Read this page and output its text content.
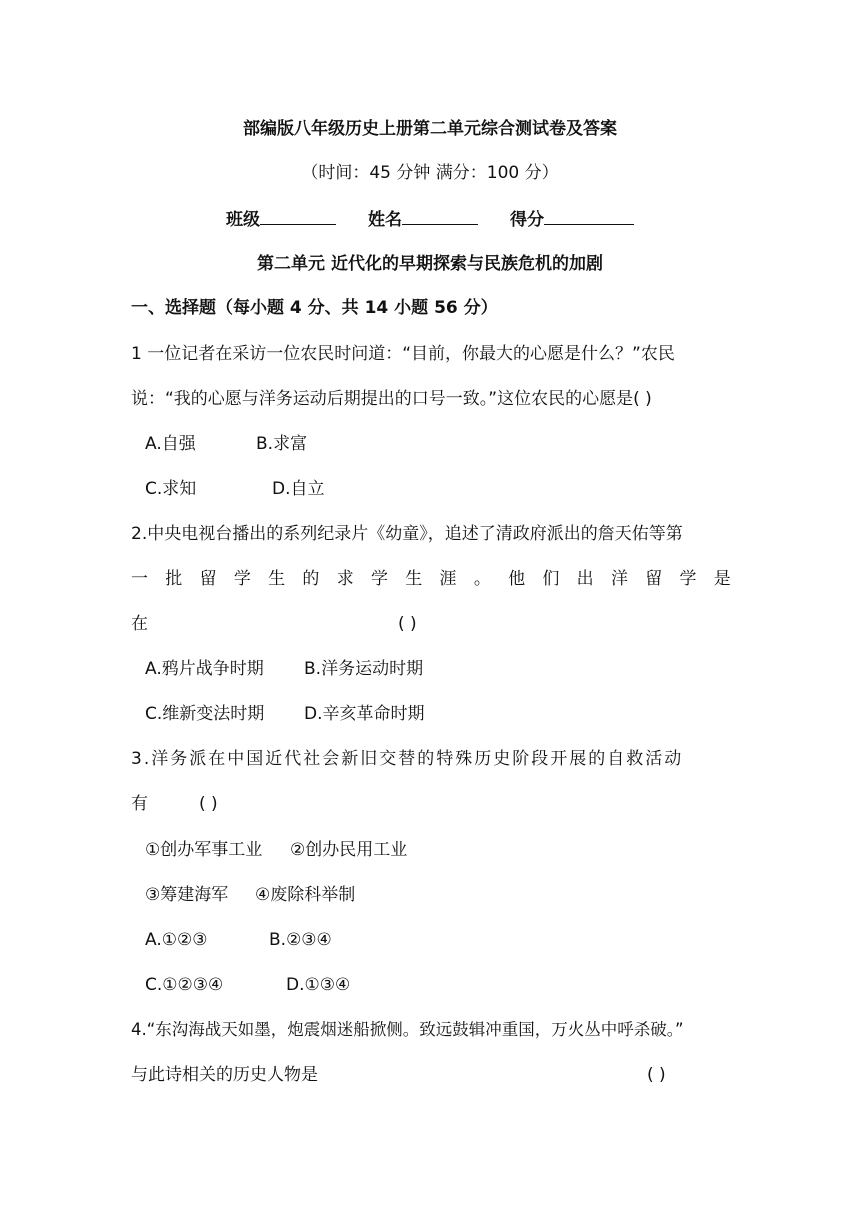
部编版八年级历史上册第二单元综合测试卷及答案
（时间：45 分钟 满分：100 分）
班级	姓名	得分
第二单元 近代化的早期探索与民族危机的加剧
一、选择题（每小题 4 分、共 14 小题 56 分）
1 一位记者在采访一位农民时问道：“目前，你最大的心愿是什么？”农民
说：“我的心愿与洋务运动后期提出的口号一致。”这位农民的心愿是( )
A.自强	B.求富
C.求知	D.自立
2.中央电视台播出的系列纪录片《幼童》，追述了清政府派出的詹天佑等第
一 批 留 学 生 的 求 学 生 涯 。 他 们 出 洋 留 学 是
在	( )
A.鸦片战争时期 B.洋务运动时期
C.维新变法时期 D.辛亥革命时期
3.洋务派在中国近代社会新旧交替的特殊历史阶段开展的自救活动
有	( )
①创办军事工业 ②创办民用工业
③筹建海军 ④废除科举制
A.①②③	B.②③④
C.①②③④	D.①③④
4.“东沟海战天如墨，炮震烟迷船掀侧。致远鼓辑冲重国，万火丛中呼杀破。”
与此诗相关的历史人物是	( )
